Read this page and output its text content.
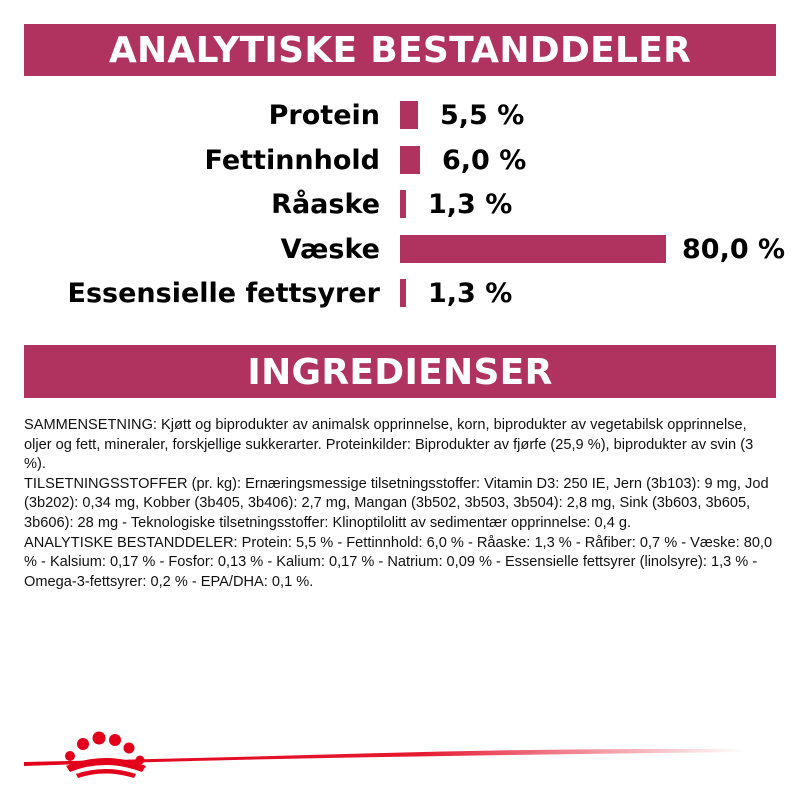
ANALYTISKE BESTANDDELER
Protein 5,5 %
Fettinnhold 6,0 %
Råaske 1,3 %
Væske	80,0 %
Essensielle fettsyrer 1,3 %
INGREDIENSER

SAMMENSETNING: Kjøtt og biprodukter av animalsk opprinnelse, korn, biprodukter av vegetabilsk opprinnelse, oljer og fett, mineraler, forskjellige sukkerarter. Proteinkilder: Biprodukter av fjørfe (25,9 %), biprodukter av svin (3 %).

TILSETNINGSSTOFFER (pr. kg): Ernæringsmessige tilsetningsstoffer: Vitamin D3: 250 IE, Jern (3b103): 9 mg, Jod (3b202): 0,34 mg, Kobber (3b405, 3b406): 2,7 mg, Mangan (3b502, 3b503, 3b504): 2,8 mg, Sink (3b603, 3b605, 3b606): 28 mg - Teknologiske tilsetningsstoffer: Klinoptilolitt av sedimentær opprinnelse: 0,4 g.

ANALYTISKE BESTANDDELER: Protein: 5,5 % - Fettinnhold: 6,0 % - Råaske: 1,3 % - Råfiber: 0,7 % - Væske: 80,0 % - Kalsium: 0,17 % - Fosfor: 0,13 % - Kalium: 0,17 % - Natrium: 0,09 % - Essensielle fettsyrer (linolsyre): 1,3 % - Omega-3-fettsyrer: 0,2 % - EPA/DHA: 0,1 %.
